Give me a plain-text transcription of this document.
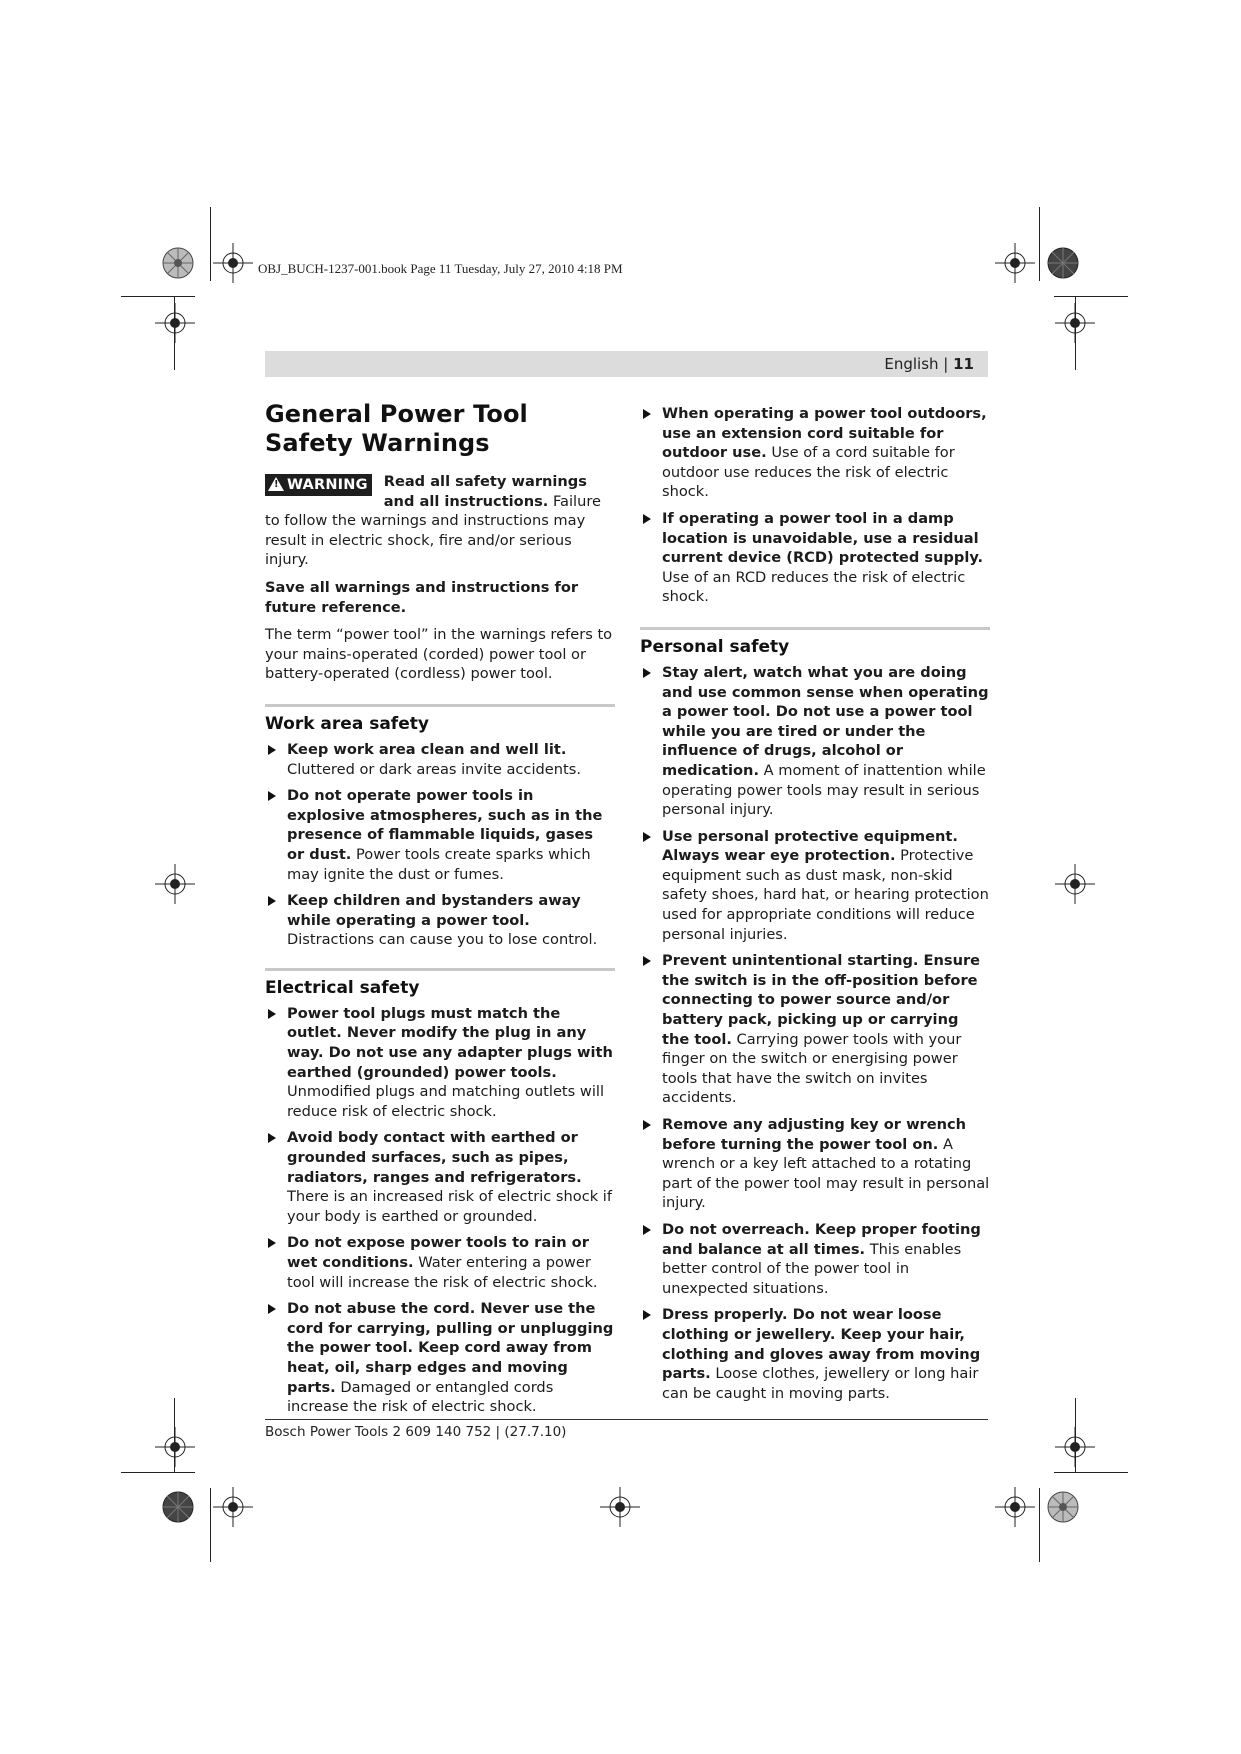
OBJ_BUCH-1237-001.book Page 11 Tuesday, July 27, 2010 4:18 PM
English | 11
General Power Tool Safety Warnings
! WARNING Read all safety warnings and all instructions. Failure to follow the warnings and instructions may result in electric shock, fire and/or serious injury.

Save all warnings and instructions for future reference.

The term “power tool” in the warnings refers to your mains-operated (corded) power tool or battery-operated (cordless) power tool.

Work area safety
Keep work area clean and well lit. Cluttered or dark areas invite accidents.
Do not operate power tools in explosive atmospheres, such as in the presence of flammable liquids, gases or dust. Power tools create sparks which may ignite the dust or fumes.
Keep children and bystanders away while operating a power tool. Distractions can cause you to lose control.
Electrical safety
Power tool plugs must match the outlet. Never modify the plug in any way. Do not use any adapter plugs with earthed (grounded) power tools. Unmodified plugs and matching outlets will reduce risk of electric shock.
Avoid body contact with earthed or grounded surfaces, such as pipes, radiators, ranges and refrigerators. There is an increased risk of electric shock if your body is earthed or grounded.
Do not expose power tools to rain or wet conditions. Water entering a power tool will increase the risk of electric shock.
Do not abuse the cord. Never use the cord for carrying, pulling or unplugging the power tool. Keep cord away from heat, oil, sharp edges and moving parts. Damaged or entangled cords increase the risk of electric shock.
When operating a power tool outdoors, use an extension cord suitable for outdoor use. Use of a cord suitable for outdoor use reduces the risk of electric shock.
If operating a power tool in a damp location is unavoidable, use a residual current device (RCD) protected supply. Use of an RCD reduces the risk of electric shock.
Personal safety
Stay alert, watch what you are doing and use common sense when operating a power tool. Do not use a power tool while you are tired or under the influence of drugs, alcohol or medication. A moment of inattention while operating power tools may result in serious personal injury.
Use personal protective equipment. Always wear eye protection. Protective equipment such as dust mask, non-skid safety shoes, hard hat, or hearing protection used for appropriate conditions will reduce personal injuries.
Prevent unintentional starting. Ensure the switch is in the off-position before connecting to power source and/or battery pack, picking up or carrying the tool. Carrying power tools with your finger on the switch or energising power tools that have the switch on invites accidents.
Remove any adjusting key or wrench before turning the power tool on. A wrench or a key left attached to a rotating part of the power tool may result in personal injury.
Do not overreach. Keep proper footing and balance at all times. This enables better control of the power tool in unexpected situations.
Dress properly. Do not wear loose clothing or jewellery. Keep your hair, clothing and gloves away from moving parts. Loose clothes, jewellery or long hair can be caught in moving parts.
Bosch Power Tools 2 609 140 752 | (27.7.10)
